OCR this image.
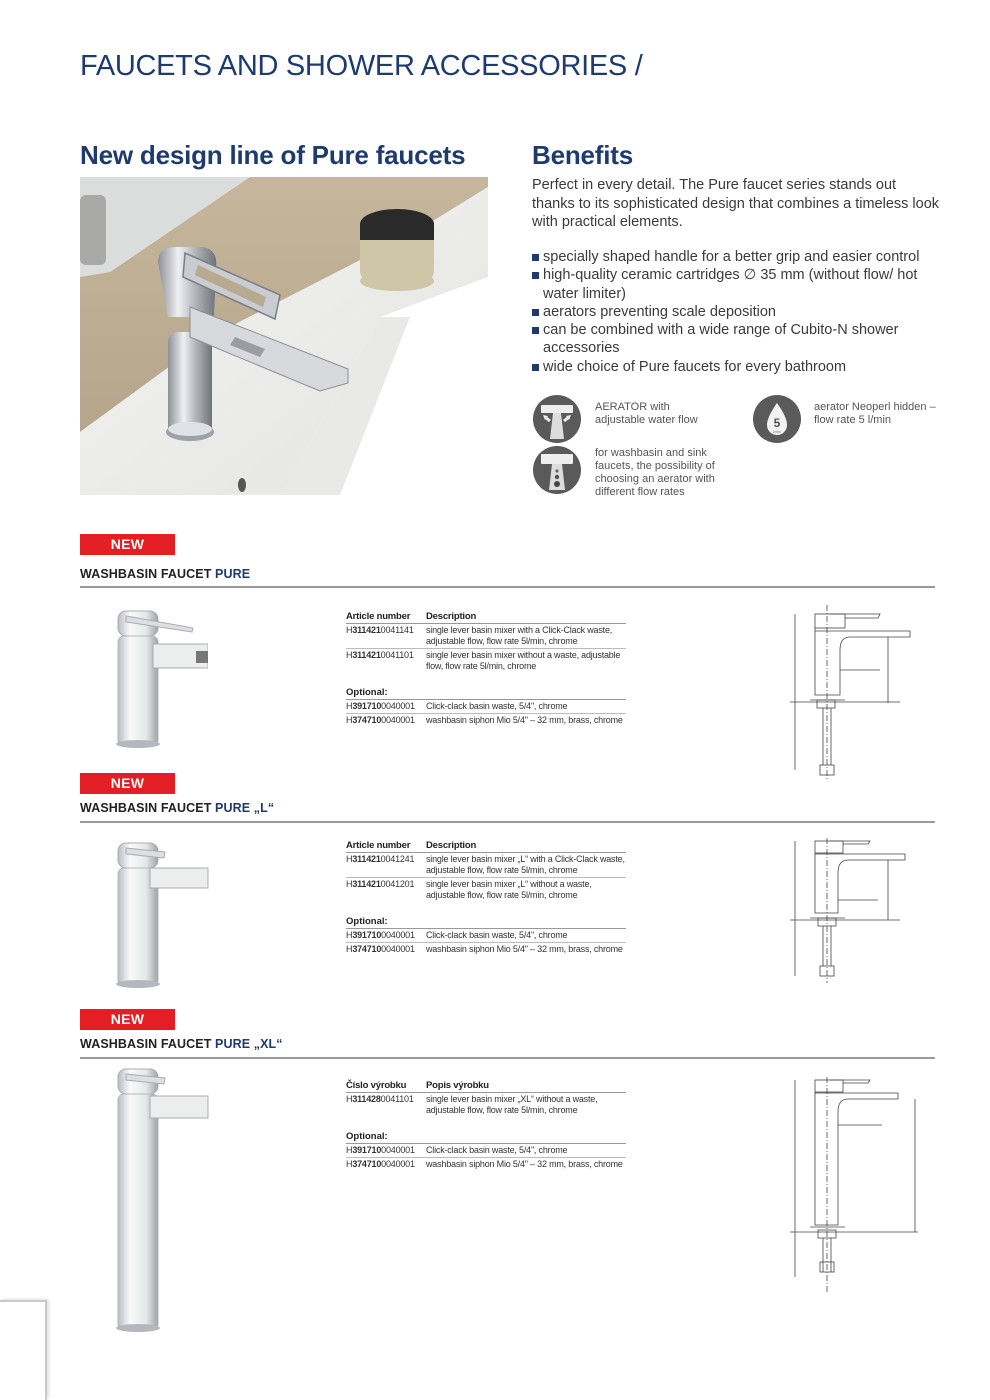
FAUCETS AND SHOWER ACCESSORIES /
New design line of Pure faucets	Benefits
Perfect in every detail. The Pure faucet series stands out thanks to its sophisticated design that combines a timeless look with practical elements.
specially shaped handle for a better grip and easier control
high-quality ceramic cartridges ∅ 35 mm (without flow/ hot water limiter)
aerators preventing scale deposition
can be combined with a wide range of Cubito-N shower accessories
wide choice of Pure faucets for every bathroom
AERATOR with adjustable water flow	5
l/min
aerator Neoperl hidden – flow rate 5 l/min
for washbasin and sink faucets, the possibility of choosing an aerator with different flow rates
NEW
WASHBASIN FAUCET PURE
Article number	Description
H3114210041141	single lever basin mixer with a Click-Clack waste, adjustable flow, flow rate 5l/min, chrome
H3114210041101	single lever basin mixer without a waste, adjustable flow, flow rate 5l/min, chrome
Optional:
H3917100040001	Click-clack basin waste, 5/4", chrome
H3747100040001	washbasin siphon Mio 5/4" – 32 mm, brass, chrome
NEW
WASHBASIN FAUCET PURE „L“
Article number	Description
H3114210041241	single lever basin mixer „L“ with a Click-Clack waste, adjustable flow, flow rate 5l/min, chrome
H3114210041201	single lever basin mixer „L“ without a waste, adjustable flow, flow rate 5l/min, chrome
Optional:
H3917100040001	Click-clack basin waste, 5/4", chrome
H3747100040001	washbasin siphon Mio 5/4" – 32 mm, brass, chrome
NEW
WASHBASIN FAUCET PURE „XL“
Číslo výrobku	Popis výrobku
H3114280041101	single lever basin mixer „XL“ without a waste, adjustable flow, flow rate 5l/min, chrome
Optional:
H3917100040001	Click-clack basin waste, 5/4", chrome
H3747100040001	washbasin siphon Mio 5/4" – 32 mm, brass, chrome
